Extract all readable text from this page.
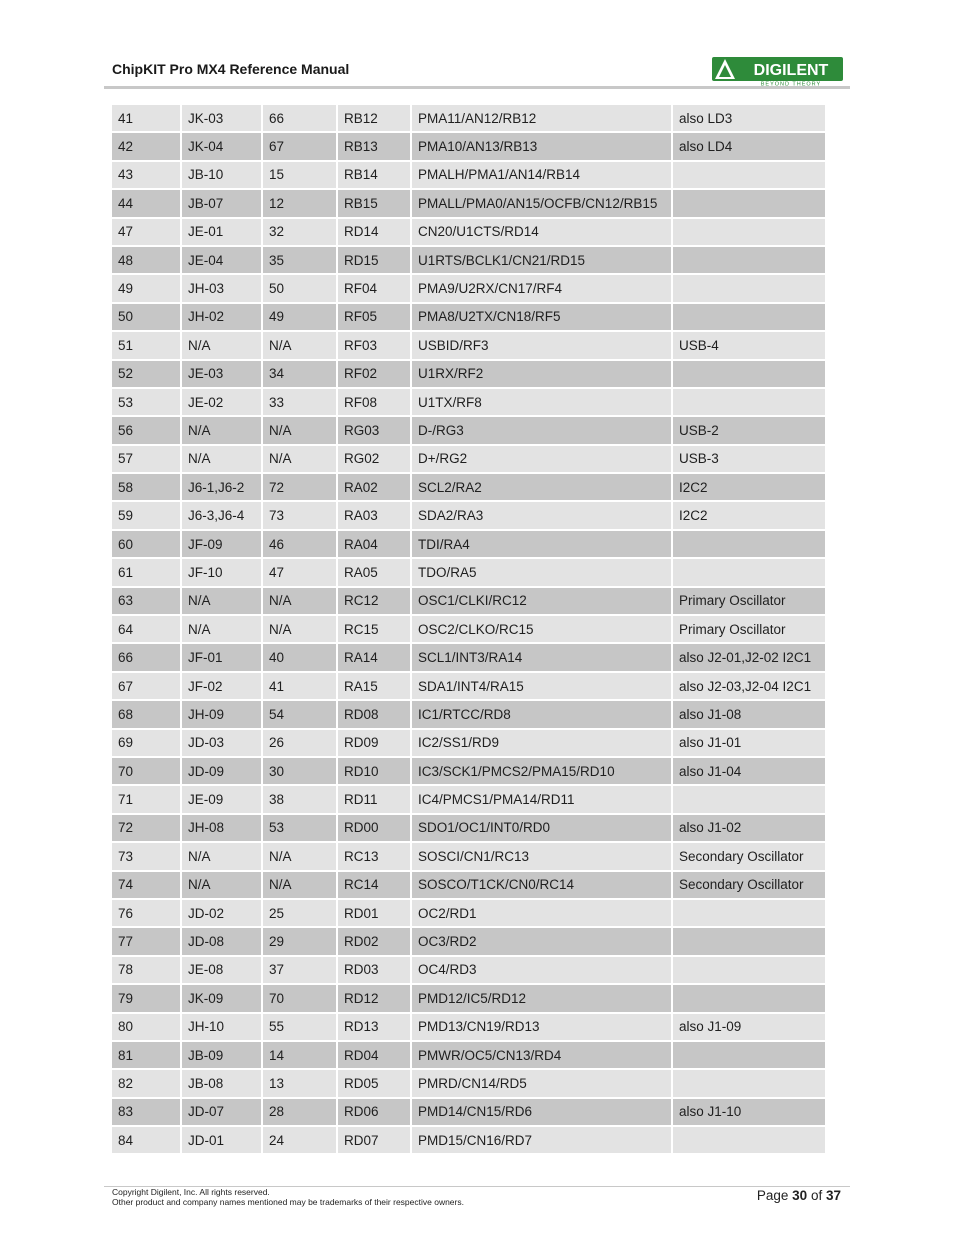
ChipKIT Pro MX4 Reference Manual	DIGILENT
BEYOND THEORY
41	JK-03	66	RB12	PMA11/AN12/RB12	also LD3
42	JK-04	67	RB13	PMA10/AN13/RB13	also LD4
43	JB-10	15	RB14	PMALH/PMA1/AN14/RB14	
44	JB-07	12	RB15	PMALL/PMA0/AN15/OCFB/CN12/RB15	
47	JE-01	32	RD14	CN20/U1CTS/RD14	
48	JE-04	35	RD15	U1RTS/BCLK1/CN21/RD15	
49	JH-03	50	RF04	PMA9/U2RX/CN17/RF4	
50	JH-02	49	RF05	PMA8/U2TX/CN18/RF5	
51	N/A	N/A	RF03	USBID/RF3	USB-4
52	JE-03	34	RF02	U1RX/RF2	
53	JE-02	33	RF08	U1TX/RF8	
56	N/A	N/A	RG03	D-/RG3	USB-2
57	N/A	N/A	RG02	D+/RG2	USB-3
58	J6-1,J6-2	72	RA02	SCL2/RA2	I2C2
59	J6-3,J6-4	73	RA03	SDA2/RA3	I2C2
60	JF-09	46	RA04	TDI/RA4	
61	JF-10	47	RA05	TDO/RA5	
63	N/A	N/A	RC12	OSC1/CLKI/RC12	Primary Oscillator
64	N/A	N/A	RC15	OSC2/CLKO/RC15	Primary Oscillator
66	JF-01	40	RA14	SCL1/INT3/RA14	also J2-01,J2-02 I2C1
67	JF-02	41	RA15	SDA1/INT4/RA15	also J2-03,J2-04 I2C1
68	JH-09	54	RD08	IC1/RTCC/RD8	also J1-08
69	JD-03	26	RD09	IC2/SS1/RD9	also J1-01
70	JD-09	30	RD10	IC3/SCK1/PMCS2/PMA15/RD10	also J1-04
71	JE-09	38	RD11	IC4/PMCS1/PMA14/RD11	
72	JH-08	53	RD00	SDO1/OC1/INT0/RD0	also J1-02
73	N/A	N/A	RC13	SOSCI/CN1/RC13	Secondary Oscillator
74	N/A	N/A	RC14	SOSCO/T1CK/CN0/RC14	Secondary Oscillator
76	JD-02	25	RD01	OC2/RD1	
77	JD-08	29	RD02	OC3/RD2	
78	JE-08	37	RD03	OC4/RD3	
79	JK-09	70	RD12	PMD12/IC5/RD12	
80	JH-10	55	RD13	PMD13/CN19/RD13	also J1-09
81	JB-09	14	RD04	PMWR/OC5/CN13/RD4	
82	JB-08	13	RD05	PMRD/CN14/RD5	
83	JD-07	28	RD06	PMD14/CN15/RD6	also J1-10
84	JD-01	24	RD07	PMD15/CN16/RD7	
Copyright Digilent, Inc. All rights reserved.
Other product and company names mentioned may be trademarks of their respective owners.	Page 30 of 37
